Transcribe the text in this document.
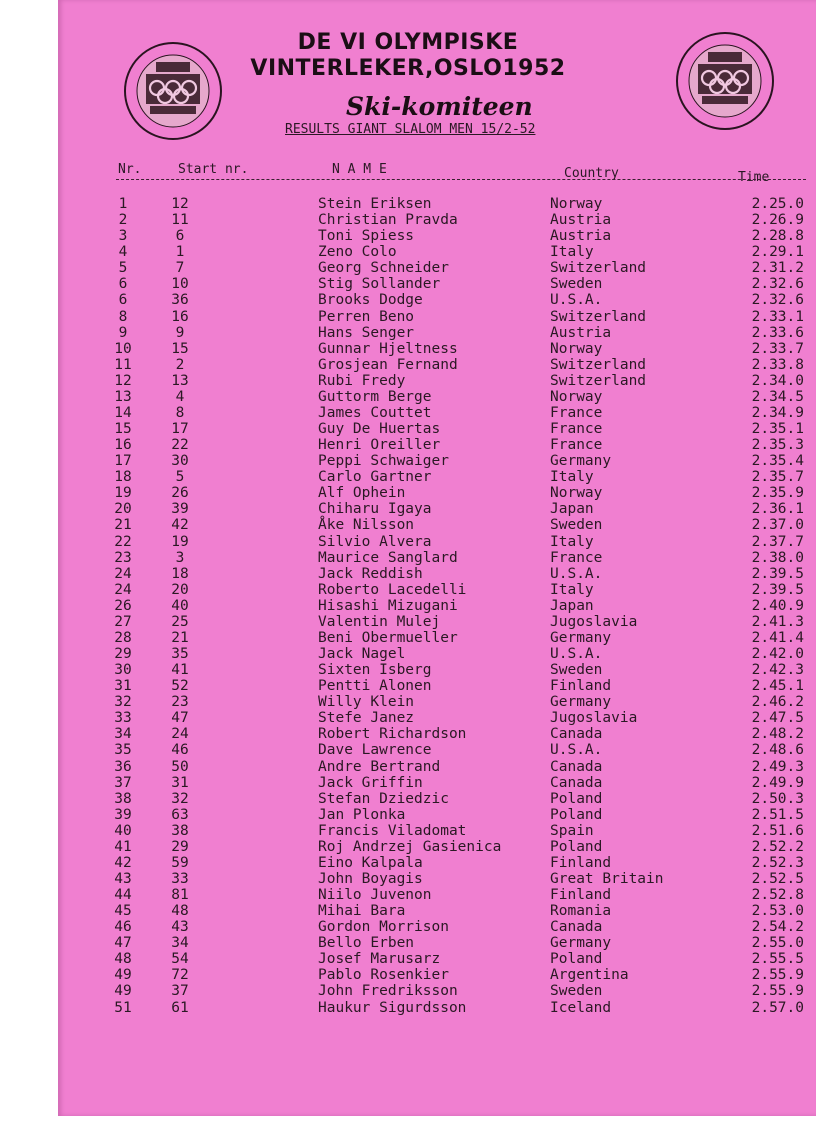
DE VI OLYMPISKE
VINTERLEKER,OSLO1952
Ski-komiteen
RESULTS GIANT SLALOM MEN 15/2-52
Nr.	Start nr.	N A M E	Country	Time
1	12	Stein Eriksen	Norway	2.25.0
2	11	Christian Pravda	Austria	2.26.9
3	6	Toni Spiess	Austria	2.28.8
4	1	Zeno Colo	Italy	2.29.1
5	7	Georg Schneider	Switzerland	2.31.2
6	10	Stig Sollander	Sweden	2.32.6
6	36	Brooks Dodge	U.S.A.	2.32.6
8	16	Perren Beno	Switzerland	2.33.1
9	9	Hans Senger	Austria	2.33.6
10	15	Gunnar Hjeltness	Norway	2.33.7
11	2	Grosjean Fernand	Switzerland	2.33.8
12	13	Rubi Fredy	Switzerland	2.34.0
13	4	Guttorm Berge	Norway	2.34.5
14	8	James Couttet	France	2.34.9
15	17	Guy De Huertas	France	2.35.1
16	22	Henri Oreiller	France	2.35.3
17	30	Peppi Schwaiger	Germany	2.35.4
18	5	Carlo Gartner	Italy	2.35.7
19	26	Alf Ophein	Norway	2.35.9
20	39	Chiharu Igaya	Japan	2.36.1
21	42	Åke Nilsson	Sweden	2.37.0
22	19	Silvio Alvera	Italy	2.37.7
23	3	Maurice Sanglard	France	2.38.0
24	18	Jack Reddish	U.S.A.	2.39.5
24	20	Roberto Lacedelli	Italy	2.39.5
26	40	Hisashi Mizugani	Japan	2.40.9
27	25	Valentin Mulej	Jugoslavia	2.41.3
28	21	Beni Obermueller	Germany	2.41.4
29	35	Jack Nagel	U.S.A.	2.42.0
30	41	Sixten Isberg	Sweden	2.42.3
31	52	Pentti Alonen	Finland	2.45.1
32	23	Willy Klein	Germany	2.46.2
33	47	Stefe Janez	Jugoslavia	2.47.5
34	24	Robert Richardson	Canada	2.48.2
35	46	Dave Lawrence	U.S.A.	2.48.6
36	50	Andre Bertrand	Canada	2.49.3
37	31	Jack Griffin	Canada	2.49.9
38	32	Stefan Dziedzic	Poland	2.50.3
39	63	Jan Plonka	Poland	2.51.5
40	38	Francis Viladomat	Spain	2.51.6
41	29	Roj Andrzej Gasienica	Poland	2.52.2
42	59	Eino Kalpala	Finland	2.52.3
43	33	John Boyagis	Great Britain	2.52.5
44	81	Niilo Juvenon	Finland	2.52.8
45	48	Mihai Bara	Romania	2.53.0
46	43	Gordon Morrison	Canada	2.54.2
47	34	Bello Erben	Germany	2.55.0
48	54	Josef Marusarz	Poland	2.55.5
49	72	Pablo Rosenkier	Argentina	2.55.9
49	37	John Fredriksson	Sweden	2.55.9
51	61	Haukur Sigurdsson	Iceland	2.57.0
